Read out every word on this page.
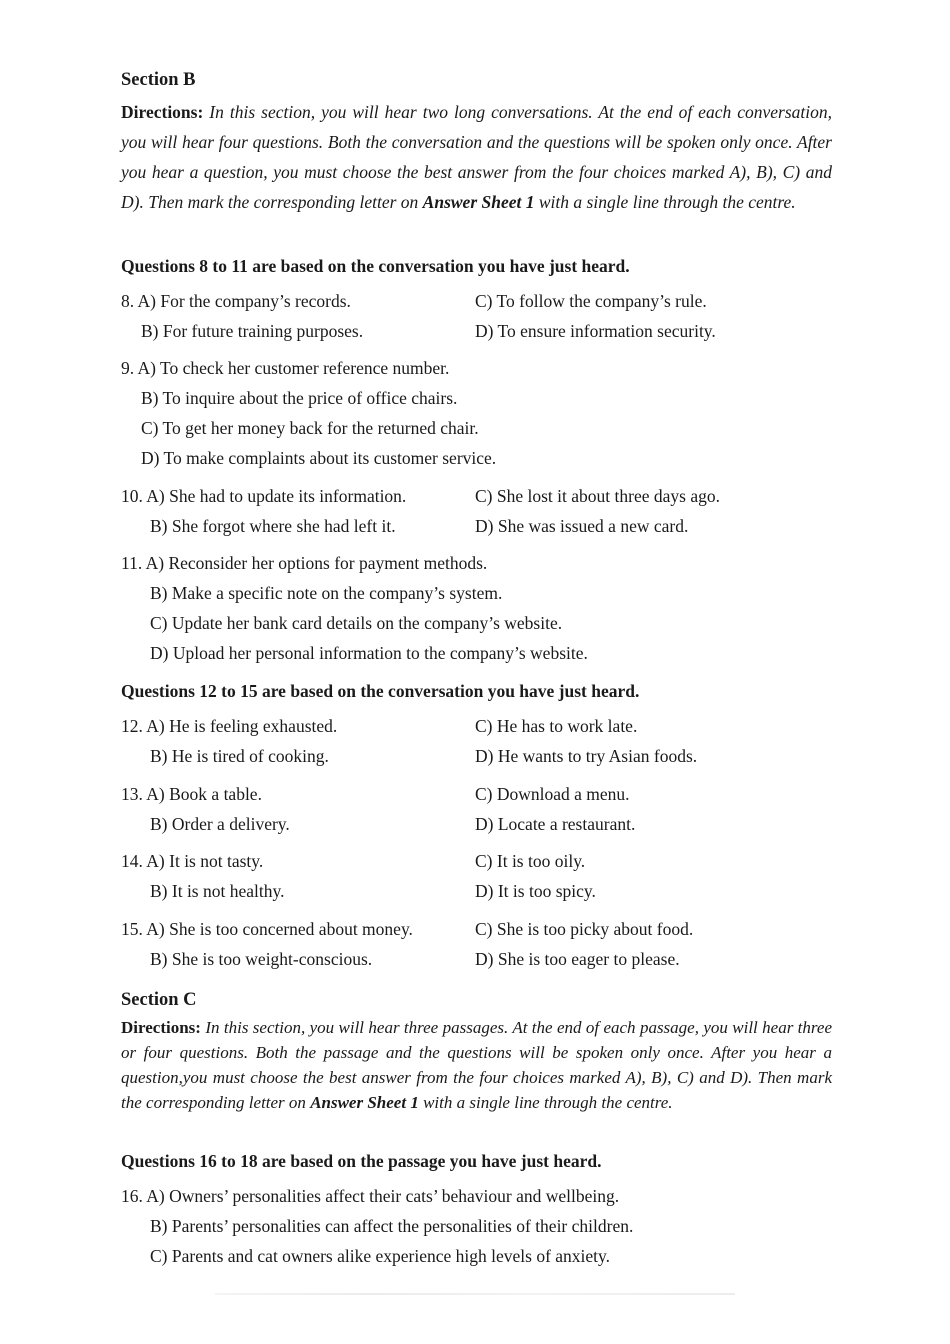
Section B
Directions: In this section, you will hear two long conversations. At the end of each conversation, you will hear four questions. Both the conversation and the questions will be spoken only once. After you hear a question, you must choose the best answer from the four choices marked A), B), C) and D). Then mark the corresponding letter on Answer Sheet 1 with a single line through the centre.
Questions 8 to 11 are based on the conversation you have just heard.
8. A) For the company’s records.	C) To follow the company’s rule.
B) For future training purposes.	D) To ensure information security.
9. A) To check her customer reference number.
B) To inquire about the price of office chairs.
C) To get her money back for the returned chair.
D) To make complaints about its customer service.
10. A) She had to update its information.	C) She lost it about three days ago.
B) She forgot where she had left it.	D) She was issued a new card.
11. A) Reconsider her options for payment methods.
B) Make a specific note on the company’s system.
C) Update her bank card details on the company’s website.
D) Upload her personal information to the company’s website.
Questions 12 to 15 are based on the conversation you have just heard.
12. A) He is feeling exhausted.	C) He has to work late.
B) He is tired of cooking.	D) He wants to try Asian foods.
13. A) Book a table.	C) Download a menu.
B) Order a delivery.	D) Locate a restaurant.
14. A) It is not tasty.	C) It is too oily.
B) It is not healthy.	D) It is too spicy.
15. A) She is too concerned about money.	C) She is too picky about food.
B) She is too weight-conscious.	D) She is too eager to please.
Section C
Directions: In this section, you will hear three passages. At the end of each passage, you will hear three or four questions. Both the passage and the questions will be spoken only once. After you hear a question,you must choose the best answer from the four choices marked A), B), C) and D). Then mark the corresponding letter on Answer Sheet 1 with a single line through the centre.
Questions 16 to 18 are based on the passage you have just heard.
16. A) Owners’ personalities affect their cats’ behaviour and wellbeing.
B) Parents’ personalities can affect the personalities of their children.
C) Parents and cat owners alike experience high levels of anxiety.
